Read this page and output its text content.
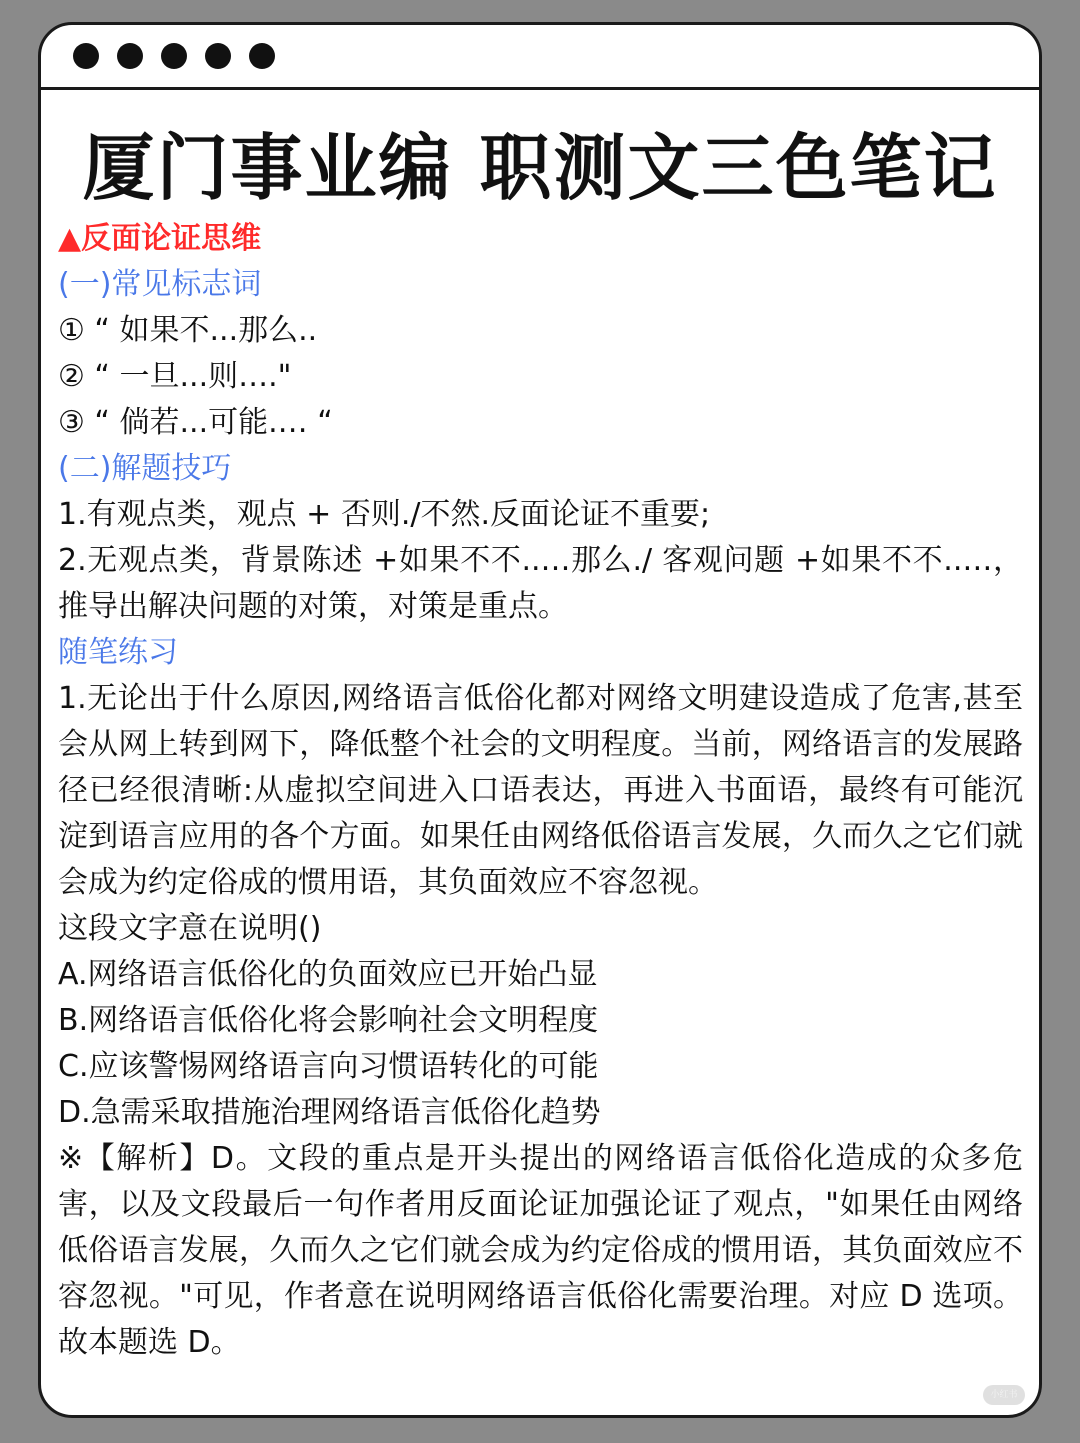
厦门事业编 职测文三色笔记

▲反面论证思维

(一)常见标志词

① “ 如果不...那么..

② “ 一旦...则…."

③ “ 倘若...可能.… “

(二)解题技巧

1.有观点类，观点 + 否则./不然.反面论证不重要;

2.无观点类，背景陈述 +如果不不..…那么./ 客观问题 +如果不不..…，推导出解决问题的对策，对策是重点。

随笔练习

1.无论出于什么原因,网络语言低俗化都对网络文明建设造成了危害,甚至会从网上转到网下，降低整个社会的文明程度。当前，网络语言的发展路径已经很清晰:从虚拟空间进入口语表达，再进入书面语，最终有可能沉淀到语言应用的各个方面。如果任由网络低俗语言发展，久而久之它们就会成为约定俗成的惯用语，其负面效应不容忽视。

这段文字意在说明()

A.网络语言低俗化的负面效应已开始凸显

B.网络语言低俗化将会影响社会文明程度

C.应该警惕网络语言向习惯语转化的可能

D.急需采取措施治理网络语言低俗化趋势

※【解析】D。文段的重点是开头提出的网络语言低俗化造成的众多危害，以及文段最后一句作者用反面论证加强论证了观点，"如果任由网络低俗语言发展，久而久之它们就会成为约定俗成的惯用语，其负面效应不容忽视。"可见，作者意在说明网络语言低俗化需要治理。对应 D 选项。故本题选 D。

小红书
